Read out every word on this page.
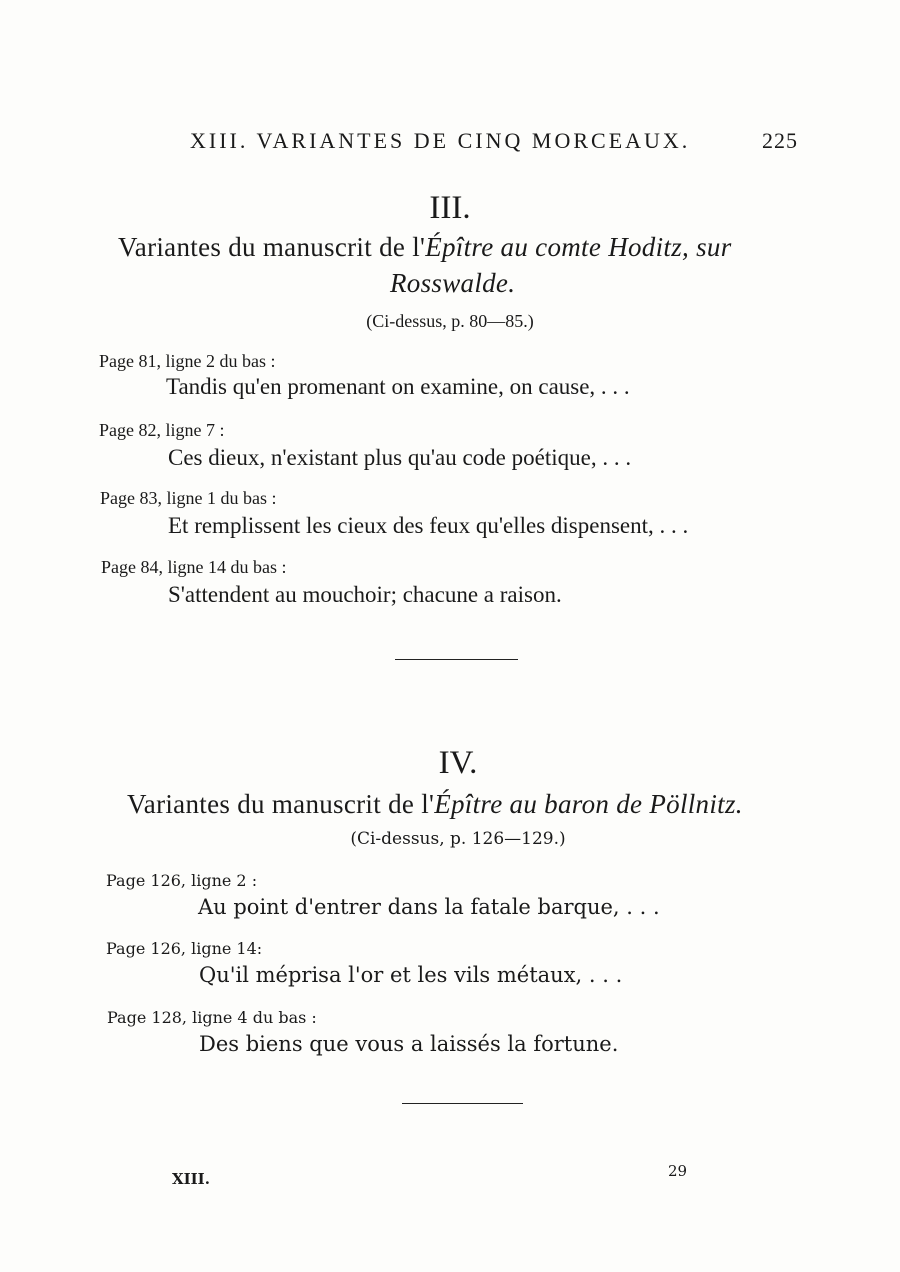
XIII. VARIANTES DE CINQ MORCEAUX.	225
III.
Variantes du manuscrit de l'Épître au comte Hoditz, sur
Rosswalde.
(Ci-dessus, p. 80—85.)
Page 81, ligne 2 du bas :
Tandis qu'en promenant on examine, on cause, . . .
Page 82, ligne 7 :
Ces dieux, n'existant plus qu'au code poétique, . . .
Page 83, ligne 1 du bas :
Et remplissent les cieux des feux qu'elles dispensent, . . .
Page 84, ligne 14 du bas :
S'attendent au mouchoir; chacune a raison.
IV.
Variantes du manuscrit de l'Épître au baron de Pöllnitz.
(Ci-dessus, p. 126—129.)
Page 126, ligne 2 :
Au point d'entrer dans la fatale barque, . . .
Page 126, ligne 14:
Qu'il méprisa l'or et les vils métaux, . . .
Page 128, ligne 4 du bas :
Des biens que vous a laissés la fortune.
XIII.	29
